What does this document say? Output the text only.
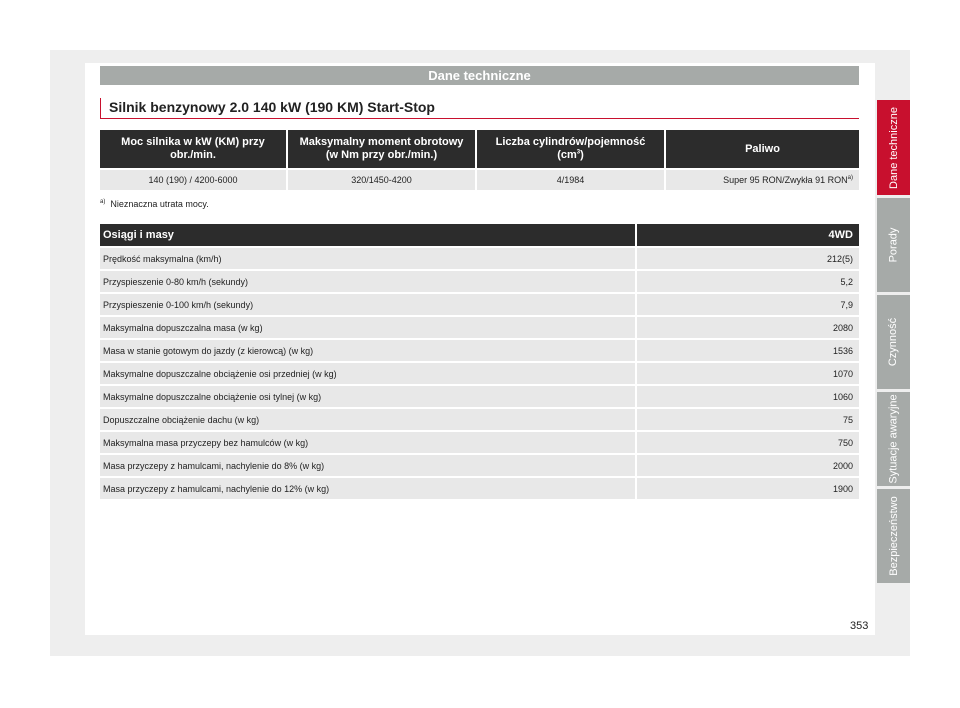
Dane techniczne
Silnik benzynowy 2.0 140 kW (190 KM) Start-Stop
Moc silnika w kW (KM) przy obr./min.	Maksymalny moment obrotowy (w Nm przy obr./min.)	Liczba cylindrów/pojemność $(cm^3)$	Paliwo
140 (190) / 4200-6000	320/1450-4200	4/1984	Super 95 RON/Zwykła 91 RON$^{a)}$
$^{a)}$ Nieznaczna utrata mocy.
Osiągi i masy	4WD
Prędkość maksymalna (km/h)	212(5)
Przyspieszenie 0-80 km/h (sekundy)	5,2
Przyspieszenie 0-100 km/h (sekundy)	7,9
Maksymalna dopuszczalna masa (w kg)	2080
Masa w stanie gotowym do jazdy (z kierowcą) (w kg)	1536
Maksymalne dopuszczalne obciążenie osi przedniej (w kg)	1070
Maksymalne dopuszczalne obciążenie osi tylnej (w kg)	1060
Dopuszczalne obciążenie dachu (w kg)	75
Maksymalna masa przyczepy bez hamulców (w kg)	750
Masa przyczepy z hamulcami, nachylenie do 8% (w kg)	2000
Masa przyczepy z hamulcami, nachylenie do 12% (w kg)	1900
Dane techniczne
Porady
Czynność
Sytuacje awaryjne
Bezpieczeństwo
353
